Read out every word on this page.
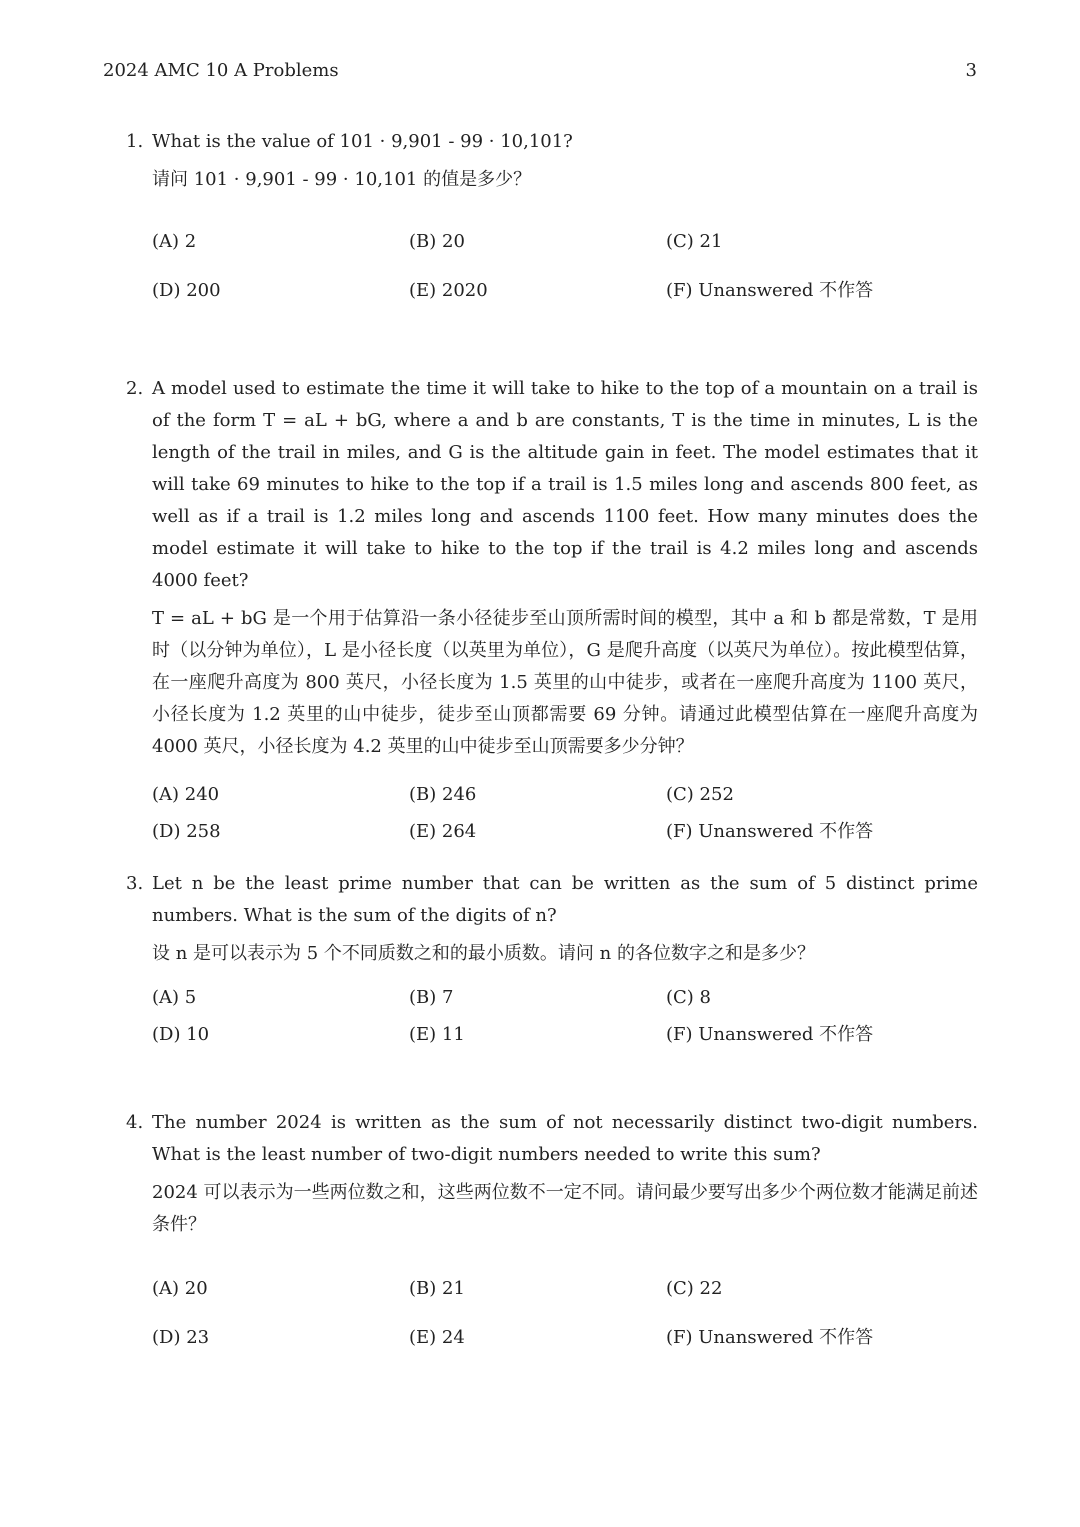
2024 AMC 10 A Problems	3
1. What is the value of 101 · 9,901 - 99 · 10,101?
请问 101 · 9,901 - 99 · 10,101 的值是多少？
(A) 2	(B) 20	(C) 21
(D) 200	(E) 2020	(F) Unanswered 不作答
2. A model used to estimate the time it will take to hike to the top of a mountain on a trail is of the form T = aL + bG, where a and b are constants, T is the time in minutes, L is the length of the trail in miles, and G is the altitude gain in feet. The model estimates that it will take 69 minutes to hike to the top if a trail is 1.5 miles long and ascends 800 feet, as well as if a trail is 1.2 miles long and ascends 1100 feet. How many minutes does the model estimate it will take to hike to the top if the trail is 4.2 miles long and ascends 4000 feet?
T = aL + bG 是一个用于估算沿一条小径徒步至山顶所需时间的模型，其中 a 和 b 都是常数，T 是用时（以分钟为单位），L 是小径长度（以英里为单位），G 是爬升高度（以英尺为单位）。按此模型估算，在一座爬升高度为 800 英尺，小径长度为 1.5 英里的山中徒步，或者在一座爬升高度为 1100 英尺，小径长度为 1.2 英里的山中徒步，徒步至山顶都需要 69 分钟。请通过此模型估算在一座爬升高度为 4000 英尺，小径长度为 4.2 英里的山中徒步至山顶需要多少分钟？
(A) 240	(B) 246	(C) 252
(D) 258	(E) 264	(F) Unanswered 不作答
3. Let n be the least prime number that can be written as the sum of 5 distinct prime numbers. What is the sum of the digits of n?
设 n 是可以表示为 5 个不同质数之和的最小质数。请问 n 的各位数字之和是多少？
(A) 5	(B) 7	(C) 8
(D) 10	(E) 11	(F) Unanswered 不作答
4. The number 2024 is written as the sum of not necessarily distinct two-digit numbers. What is the least number of two-digit numbers needed to write this sum?
2024 可以表示为一些两位数之和，这些两位数不一定不同。请问最少要写出多少个两位数才能满足前述条件？
(A) 20	(B) 21	(C) 22
(D) 23	(E) 24	(F) Unanswered 不作答
